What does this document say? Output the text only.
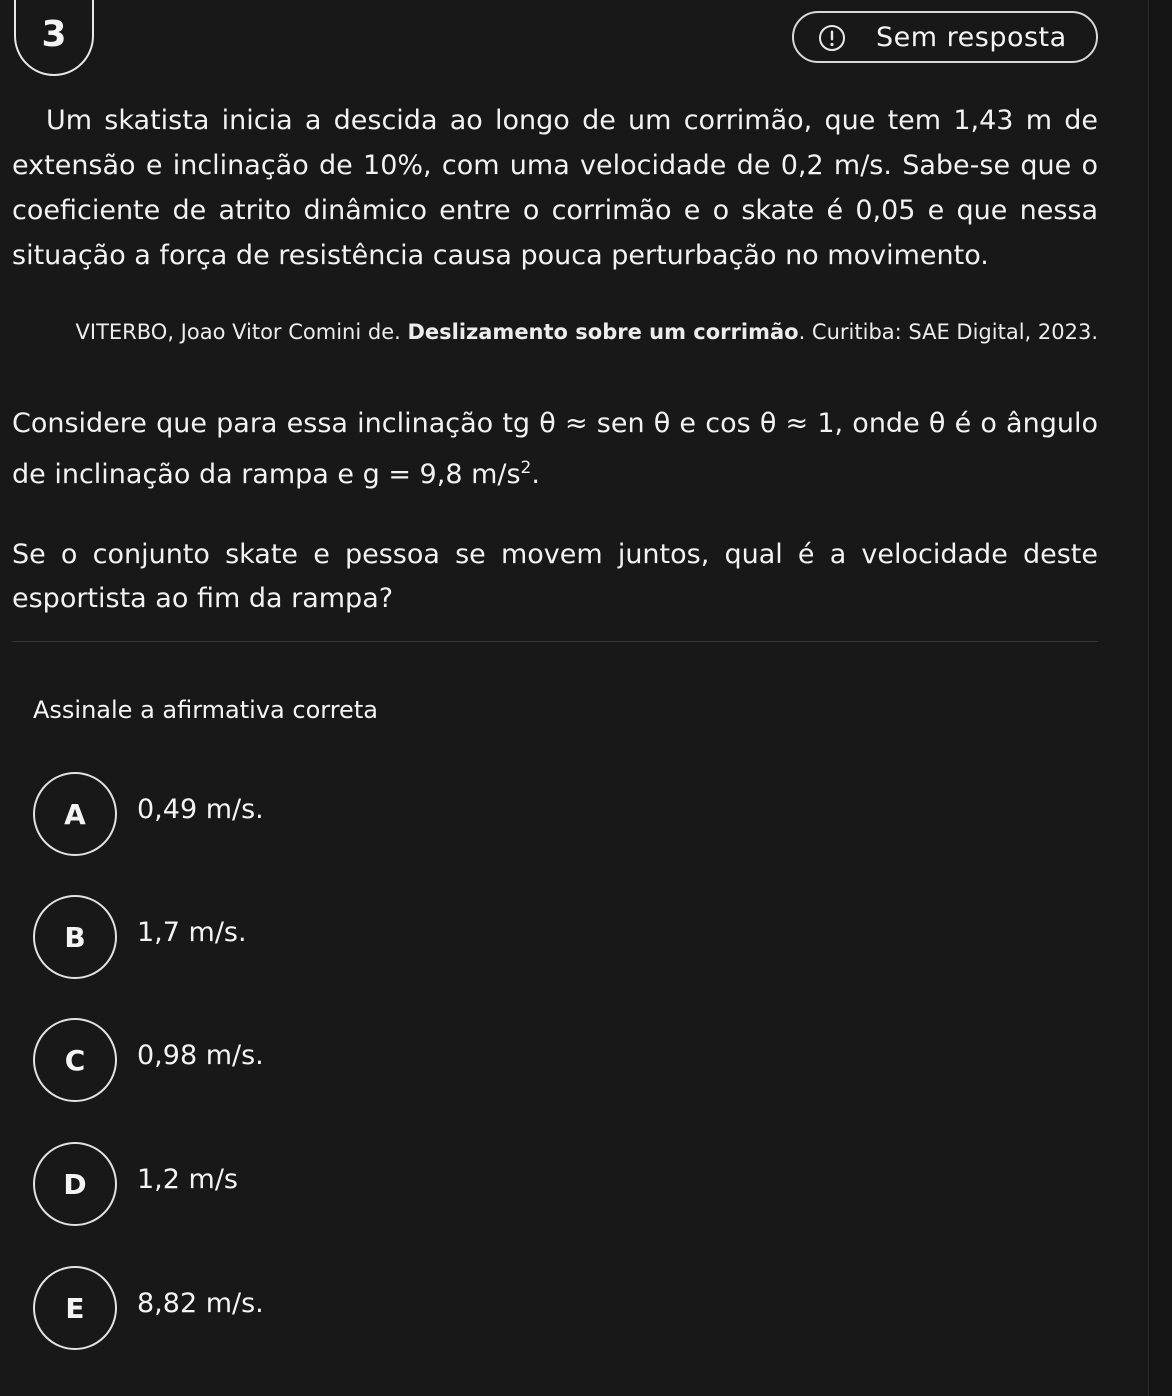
3	Sem resposta

Um skatista inicia a descida ao longo de um corrimão, que tem 1,43 m de extensão e inclinação de 10%, com uma velocidade de 0,2 m/s. Sabe-se que o coeficiente de atrito dinâmico entre o corrimão e o skate é 0,05 e que nessa situação a força de resistência causa pouca perturbação no movimento.

VITERBO, Joao Vitor Comini de. Deslizamento sobre um corrimão. Curitiba: SAE Digital, 2023.

Considere que para essa inclinação tg θ ≈ sen θ e cos θ ≈ 1, onde θ é o ângulo de inclinação da rampa e g = 9,8 $m/s^2$.

Se o conjunto skate e pessoa se movem juntos, qual é a velocidade deste esportista ao fim da rampa?

Assinale a afirmativa correta
A	0,49 m/s.
B	1,7 m/s.
C	0,98 m/s.
D	1,2 m/s
E	8,82 m/s.
